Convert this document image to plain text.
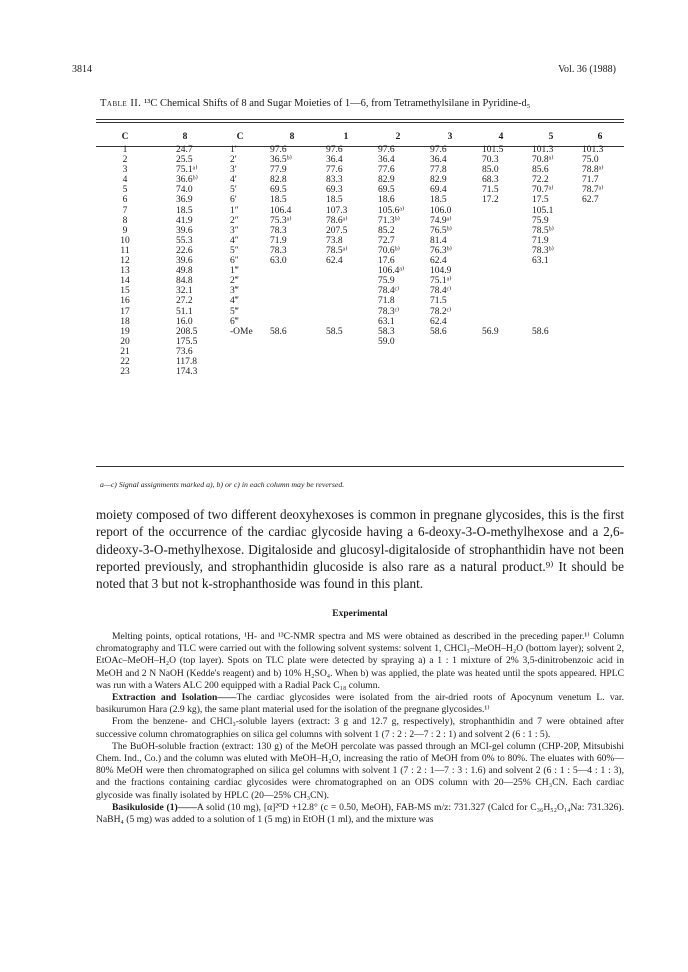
3814	Vol. 36 (1988)
Table II. ¹³C Chemical Shifts of 8 and Sugar Moieties of 1—6, from Tetramethylsilane in Pyridine-d₅
C	8	C	8	1	2	3	4	5	6
1	24.7	1′	97.6	97.6	97.6	97.6	101.5	101.3	101.3
2	25.5	2′	36.5ᵇ⁾	36.4	36.4	36.4	70.3	70.8ᵃ⁾	75.0
3	75.1ᵃ⁾	3′	77.9	77.6	77.6	77.8	85.0	85.6	78.8ᵃ⁾
4	36.6ᵇ⁾	4′	82.8	83.3	82.9	82.9	68.3	72.2	71.7
5	74.0	5′	69.5	69.3	69.5	69.4	71.5	70.7ᵃ⁾	78.7ᵃ⁾
6	36.9	6′	18.5	18.5	18.6	18.5	17.2	17.5	62.7
7	18.5	1″	106.4	107.3	105.6ᵃ⁾	106.0		105.1	
8	41.9	2″	75.3ᵃ⁾	78.6ᵃ⁾	71.3ᵇ⁾	74.9ᵃ⁾		75.9	
9	39.6	3″	78.3	207.5	85.2	76.5ᵇ⁾		78.5ᵇ⁾	
10	55.3	4″	71.9	73.8	72.7	81.4		71.9	
11	22.6	5″	78.3	78.5ᵃ⁾	70.6ᵇ⁾	76.3ᵇ⁾		78.3ᵇ⁾	
12	39.6	6″	63.0	62.4	17.6	62.4		63.1	
13	49.8	1‴			106.4ᵃ⁾	104.9			
14	84.8	2‴			75.9	75.1ᵃ⁾			
15	32.1	3‴			78.4ᶜ⁾	78.4ᶜ⁾			
16	27.2	4‴			71.8	71.5			
17	51.1	5‴			78.3ᶜ⁾	78.2ᶜ⁾			
18	16.0	6‴			63.1	62.4			
19	208.5	-OMe	58.6	58.5	58.3	58.6	56.9	58.6	
20	175.5				59.0				
21	73.6								
22	117.8								
23	174.3								
a—c) Signal assignments marked a), b) or c) in each column may be reversed.
moiety composed of two different deoxyhexoses is common in pregnane glycosides, this is the first report of the occurrence of the cardiac glycoside having a 6-deoxy-3-O-methylhexose and a 2,6-dideoxy-3-O-methylhexose. Digitaloside and glucosyl-digitaloside of strophanthidin have not been reported previously, and strophanthidin glucoside is also rare as a natural product.⁹⁾ It should be noted that 3 but not k-strophanthoside was found in this plant.
Experimental

Melting points, optical rotations, ¹H- and ¹³C-NMR spectra and MS were obtained as described in the preceding paper.¹⁾ Column chromatography and TLC were carried out with the following solvent systems: solvent 1, CHCl₃–MeOH–H₂O (bottom layer); solvent 2, EtOAc–MeOH–H₂O (top layer). Spots on TLC plate were detected by spraying a) a 1 : 1 mixture of 2% 3,5-dinitrobenzoic acid in MeOH and 2 N NaOH (Kedde's reagent) and b) 10% H₂SO₄. When b) was applied, the plate was heated until the spots appeared. HPLC was run with a Waters ALC 200 equipped with a Radial Pack C₁₈ column.

Extraction and Isolation——The cardiac glycosides were isolated from the air-dried roots of Apocynum venetum L. var. basikurumon Hara (2.9 kg), the same plant material used for the isolation of the pregnane glycosides.¹⁾

From the benzene- and CHCl₃-soluble layers (extract: 3 g and 12.7 g, respectively), strophanthidin and 7 were obtained after successive column chromatographies on silica gel columns with solvent 1 (7 : 2 : 2—7 : 2 : 1) and solvent 2 (6 : 1 : 5).

The BuOH-soluble fraction (extract: 130 g) of the MeOH percolate was passed through an MCI-gel column (CHP-20P, Mitsubishi Chem. Ind., Co.) and the column was eluted with MeOH–H₂O, increasing the ratio of MeOH from 0% to 80%. The eluates with 60%—80% MeOH were then chromatographed on silica gel columns with solvent 1 (7 : 2 : 1—7 : 3 : 1.6) and solvent 2 (6 : 1 : 5—4 : 1 : 3), and the fractions containing cardiac glycosides were chromatographed on an ODS column with 20—25% CH₃CN. Each cardiac glycoside was finally isolated by HPLC (20—25% CH₃CN).

Basikuloside (1)——A solid (10 mg), [α]²⁰D +12.8° (c = 0.50, MeOH), FAB-MS m/z: 731.327 (Calcd for C₃₆H₅₂O₁₄Na: 731.326). NaBH₄ (5 mg) was added to a solution of 1 (5 mg) in EtOH (1 ml), and the mixture was
